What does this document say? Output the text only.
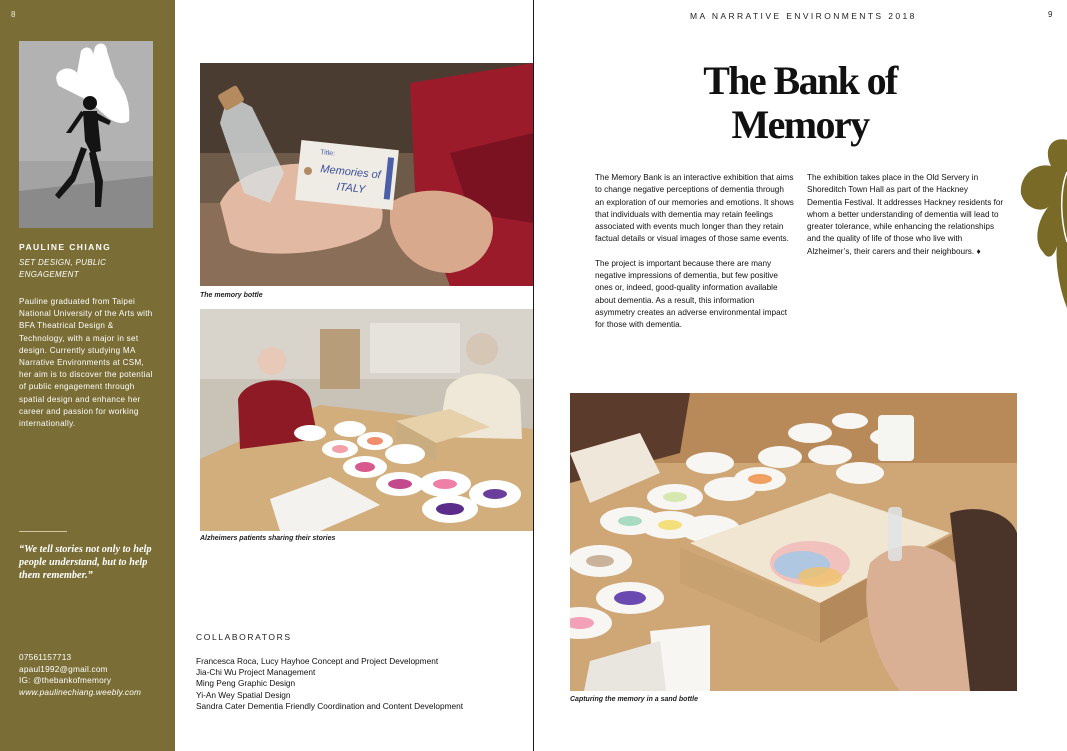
8
PAULINE CHIANG
SET DESIGN, PUBLIC ENGAGEMENT
Pauline graduated from Taipei National University of the Arts with BFA Theatrical Design & Technology, with a major in set design. Currently studying MA Narrative Environments at CSM, her aim is to discover the potential of public engagement through spatial design and enhance her career and passion for working internationally.
“We tell stories not only to help people understand, but to help them remember.”
07561157713
apaul1992@gmail.com
IG: @thebankofmemory
www.paulinechiang.weebly.com
Title:
Memories of
ITALY
The memory bottle
Alzheimers patients sharing their stories
COLLABORATORS
Francesca Roca, Lucy Hayhoe Concept and Project Development
Jia-Chi Wu Project Management
Ming Peng Graphic Design
Yi-An Wey Spatial Design
Sandra Cater Dementia Friendly Coordination and Content Development
MA NARRATIVE ENVIRONMENTS 2018	9
The Bank of
Memory

The Memory Bank is an interactive exhibition that aims to change negative perceptions of dementia through an exploration of our memories and emotions. It shows that individuals with dementia may retain feelings associated with events much longer than they retain factual details or visual images of those same events.

The project is important because there are many negative impressions of dementia, but few positive ones or, indeed, good-quality information available about dementia. As a result, this information asymmetry creates an adverse environmental impact for those with dementia.

The exhibition takes place in the Old Servery in Shoreditch Town Hall as part of the Hackney Dementia Festival. It addresses Hackney residents for whom a better understanding of dementia will lead to greater tolerance, while enhancing the relationships and the quality of life of those who live with Alzheimer’s, their carers and their neighbours. ♦

Capturing the memory in a sand bottle
